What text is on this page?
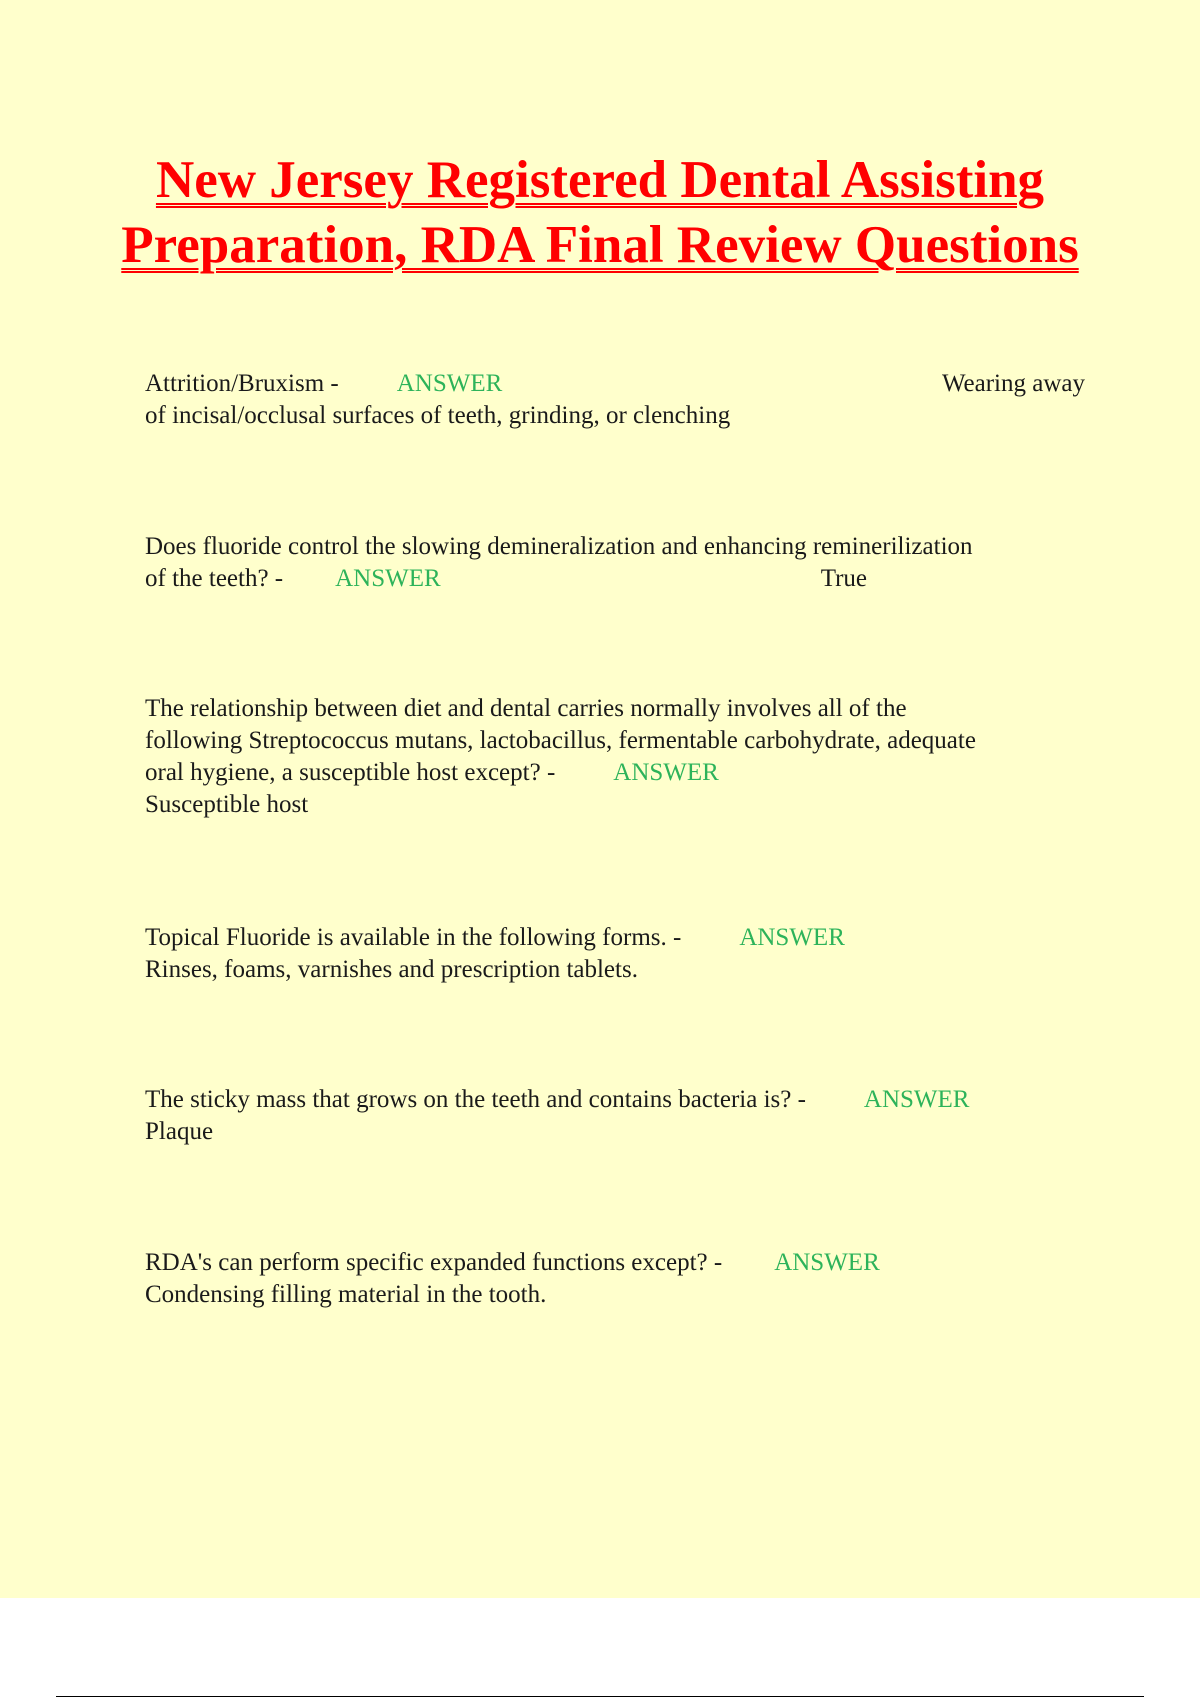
New Jersey Registered Dental Assisting Preparation, RDA Final Review Questions
Attrition/Bruxism - ANSWER	Wearing away
of incisal/occlusal surfaces of teeth, grinding, or clenching
Does fluoride control the slowing demineralization and enhancing reminerilization
of the teeth? - ANSWER	True
The relationship between diet and dental carries normally involves all of the
following Streptococcus mutans, lactobacillus, fermentable carbohydrate, adequate
oral hygiene, a susceptible host except? - ANSWER
Susceptible host
Topical Fluoride is available in the following forms. - ANSWER
Rinses, foams, varnishes and prescription tablets.
The sticky mass that grows on the teeth and contains bacteria is? - ANSWER
Plaque
RDA's can perform specific expanded functions except? - ANSWER
Condensing filling material in the tooth.
